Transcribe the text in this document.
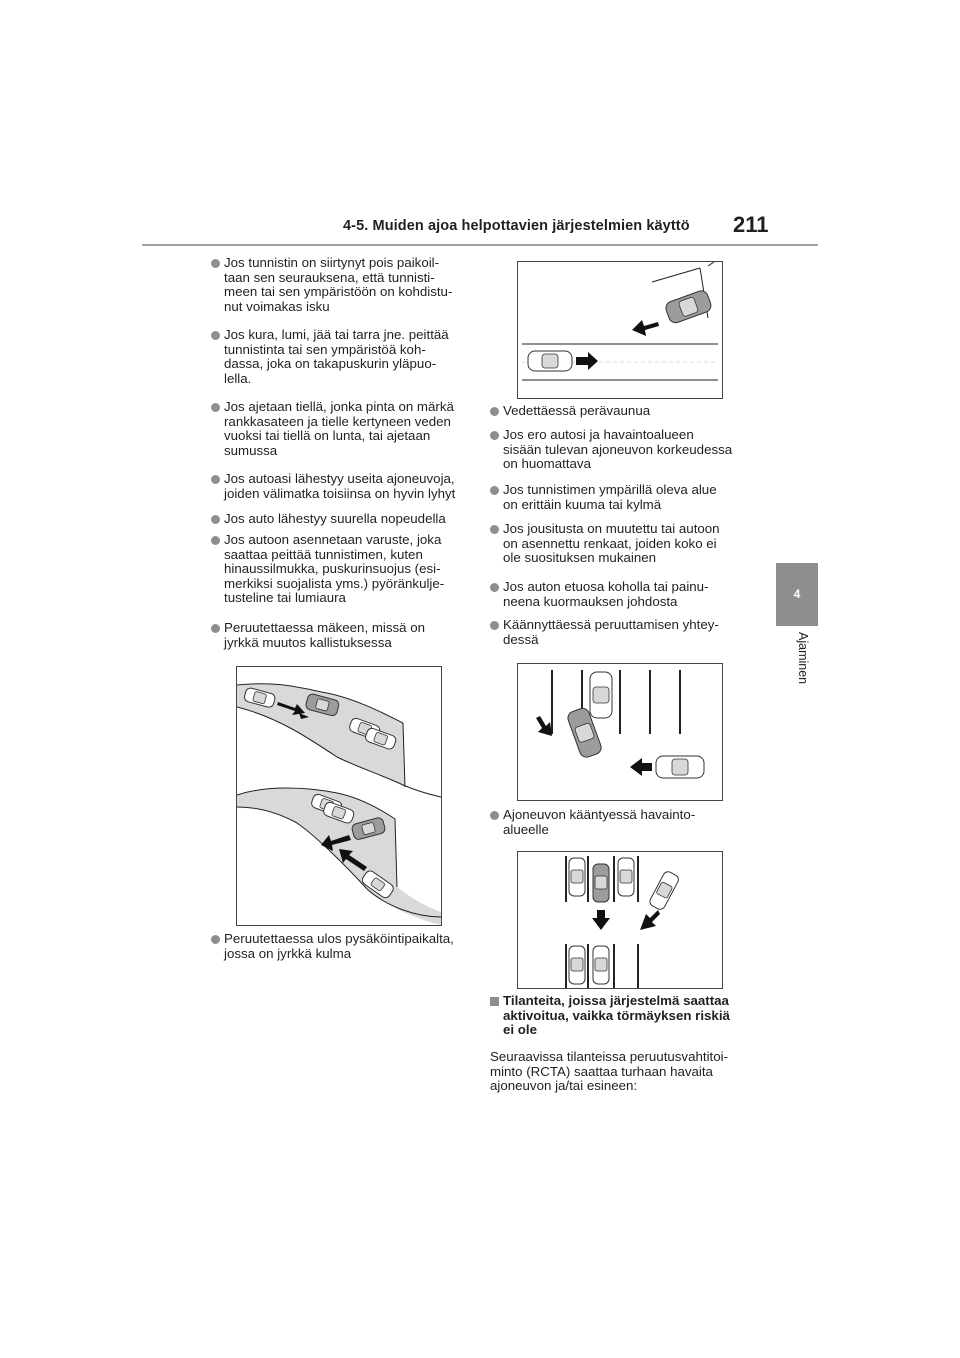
4-5. Muiden ajoa helpottavien järjestelmien käyttö 211
4
Ajaminen
Jos tunnistin on siirtynyt pois paikoil-
taan sen seurauksena, että tunnisti-
meen tai sen ympäristöön on kohdistu-
nut voimakas isku
Jos kura, lumi, jää tai tarra jne. peittää
tunnistinta tai sen ympäristöä koh-
dassa, joka on takapuskurin yläpuo-
lella.
Jos ajetaan tiellä, jonka pinta on märkä
rankkasateen ja tielle kertyneen veden
vuoksi tai tiellä on lunta, tai ajetaan
sumussa
Jos autoasi lähestyy useita ajoneuvoja,
joiden välimatka toisiinsa on hyvin lyhyt
Jos auto lähestyy suurella nopeudella
Jos autoon asennetaan varuste, joka
saattaa peittää tunnistimen, kuten
hinaussilmukka, puskurinsuojus (esi-
merkiksi suojalista yms.) pyöränkulje-
tusteline tai lumiaura
Peruutettaessa mäkeen, missä on
jyrkkä muutos kallistuksessa
Peruutettaessa ulos pysäköintipaikalta,
jossa on jyrkkä kulma
Vedettäessä perävaunua
Jos ero autosi ja havaintoalueen
sisään tulevan ajoneuvon korkeudessa
on huomattava
Jos tunnistimen ympärillä oleva alue
on erittäin kuuma tai kylmä
Jos jousitusta on muutettu tai autoon
on asennettu renkaat, joiden koko ei
ole suosituksen mukainen
Jos auton etuosa koholla tai painu-
neena kuormauksen johdosta
Käännyttäessä peruuttamisen yhtey-
dessä
Ajoneuvon kääntyessä havainto-
alueelle
Tilanteita, joissa järjestelmä saattaa
aktivoitua, vaikka törmäyksen riskiä
ei ole
Seuraavissa tilanteissa peruutusvahtitoi-
minto (RCTA) saattaa turhaan havaita
ajoneuvon ja/tai esineen:
